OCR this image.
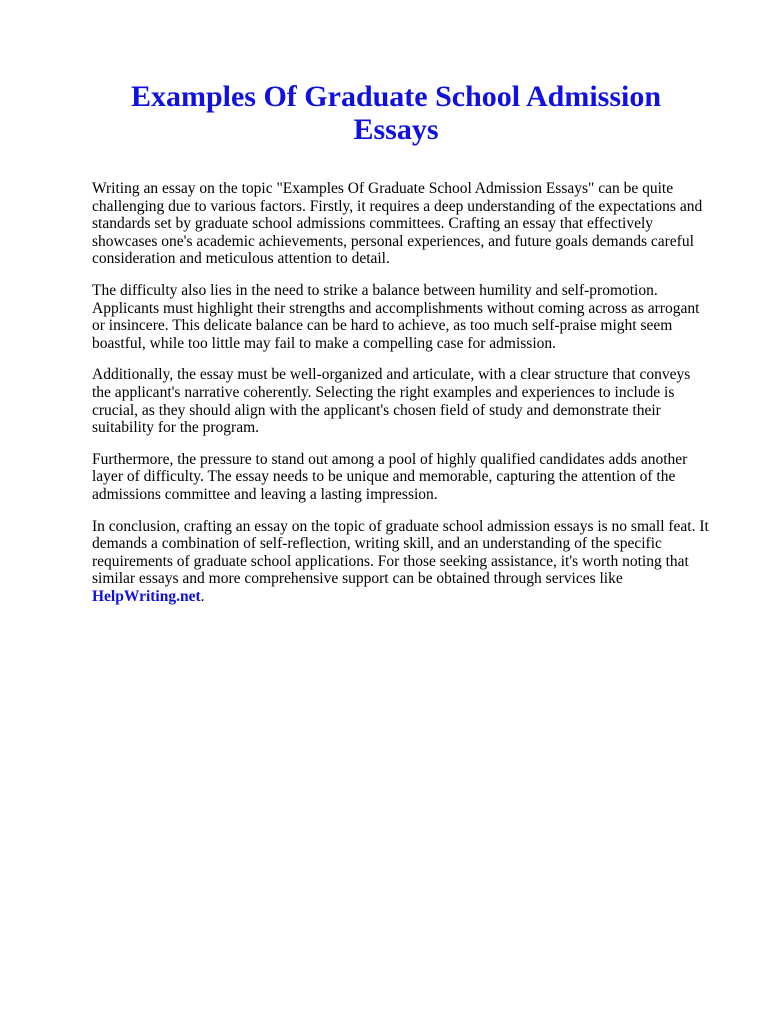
Examples Of Graduate School Admission Essays

Writing an essay on the topic "Examples Of Graduate School Admission Essays" can be quite challenging due to various factors. Firstly, it requires a deep understanding of the expectations and standards set by graduate school admissions committees. Crafting an essay that effectively showcases one's academic achievements, personal experiences, and future goals demands careful consideration and meticulous attention to detail.

The difficulty also lies in the need to strike a balance between humility and self-promotion. Applicants must highlight their strengths and accomplishments without coming across as arrogant or insincere. This delicate balance can be hard to achieve, as too much self-praise might seem boastful, while too little may fail to make a compelling case for admission.

Additionally, the essay must be well-organized and articulate, with a clear structure that conveys the applicant's narrative coherently. Selecting the right examples and experiences to include is crucial, as they should align with the applicant's chosen field of study and demonstrate their suitability for the program.

Furthermore, the pressure to stand out among a pool of highly qualified candidates adds another layer of difficulty. The essay needs to be unique and memorable, capturing the attention of the admissions committee and leaving a lasting impression.

In conclusion, crafting an essay on the topic of graduate school admission essays is no small feat. It demands a combination of self-reflection, writing skill, and an understanding of the specific requirements of graduate school applications. For those seeking assistance, it's worth noting that similar essays and more comprehensive support can be obtained through services like
HelpWriting.net.
